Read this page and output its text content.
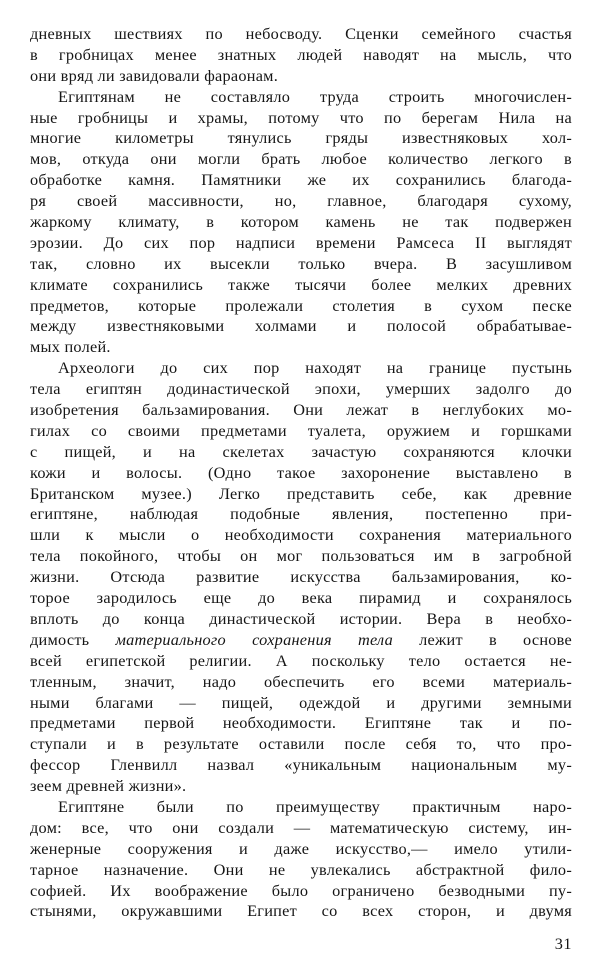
дневных шествиях по небосводу. Сценки семейного счастья
в гробницах менее знатных людей наводят на мысль, что
они вряд ли завидовали фараонам.
Египтянам не составляло труда строить многочислен-
ные гробницы и храмы, потому что по берегам Нила на
многие километры тянулись гряды известняковых хол-
мов, откуда они могли брать любое количество легкого в
обработке камня. Памятники же их сохранились благода-
ря своей массивности, но, главное, благодаря сухому,
жаркому климату, в котором камень не так подвержен
эрозии. До сих пор надписи времени Рамсеса II выглядят
так, словно их высекли только вчера. В засушливом
климате сохранились также тысячи более мелких древних
предметов, которые пролежали столетия в сухом песке
между известняковыми холмами и полосой обрабатывае-
мых полей.
Археологи до сих пор находят на границе пустынь
тела египтян додинастической эпохи, умерших задолго до
изобретения бальзамирования. Они лежат в неглубоких мо-
гилах со своими предметами туалета, оружием и горшками
с пищей, и на скелетах зачастую сохраняются клочки
кожи и волосы. (Одно такое захоронение выставлено в
Британском музее.) Легко представить себе, как древние
египтяне, наблюдая подобные явления, постепенно при-
шли к мысли о необходимости сохранения материального
тела покойного, чтобы он мог пользоваться им в загробной
жизни. Отсюда развитие искусства бальзамирования, ко-
торое зародилось еще до века пирамид и сохранялось
вплоть до конца династической истории. Вера в необхо-
димость материального сохранения тела лежит в основе
всей египетской религии. А поскольку тело остается не-
тленным, значит, надо обеспечить его всеми материаль-
ными благами — пищей, одеждой и другими земными
предметами первой необходимости. Египтяне так и по-
ступали и в результате оставили после себя то, что про-
фессор Гленвилл назвал «уникальным национальным му-
зеем древней жизни».
Египтяне были по преимуществу практичным наро-
дом: все, что они создали — математическую систему, ин-
женерные сооружения и даже искусство,— имело утили-
тарное назначение. Они не увлекались абстрактной фило-
софией. Их воображение было ограничено безводными пу-
стынями, окружавшими Египет со всех сторон, и двумя
31
